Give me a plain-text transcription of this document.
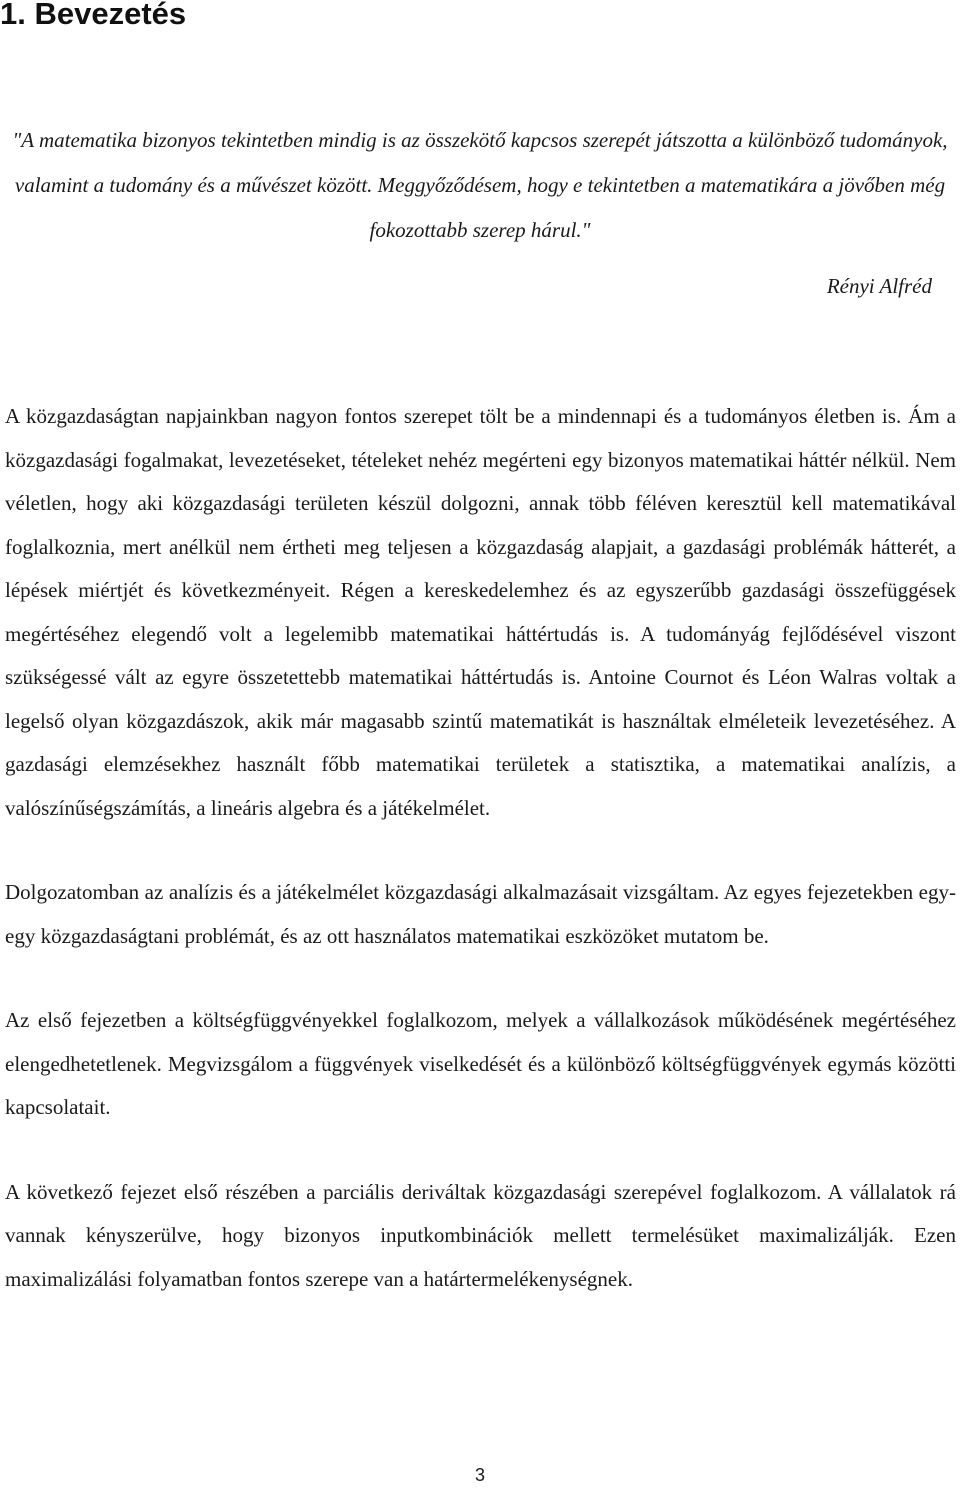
1. Bevezetés

"A matematika bizonyos tekintetben mindig is az összekötő kapcsos szerepét játszotta a különböző tudományok, valamint a tudomány és a művészet között. Meggyőződésem, hogy e tekintetben a matematikára a jövőben még fokozottabb szerep hárul."

Rényi Alfréd

A közgazdaságtan napjainkban nagyon fontos szerepet tölt be a mindennapi és a tudományos életben is. Ám a közgazdasági fogalmakat, levezetéseket, tételeket nehéz megérteni egy bizonyos matematikai háttér nélkül. Nem véletlen, hogy aki közgazdasági területen készül dolgozni, annak több féléven keresztül kell matematikával foglalkoznia, mert anélkül nem értheti meg teljesen a közgazdaság alapjait, a gazdasági problémák hátterét, a lépések miértjét és következményeit. Régen a kereskedelemhez és az egyszerűbb gazdasági összefüggések megértéséhez elegendő volt a legelemibb matematikai háttértudás is. A tudományág fejlődésével viszont szükségessé vált az egyre összetettebb matematikai háttértudás is. Antoine Cournot és Léon Walras voltak a legelső olyan közgazdászok, akik már magasabb szintű matematikát is használtak elméleteik levezetéséhez. A gazdasági elemzésekhez használt főbb matematikai területek a statisztika, a matematikai analízis, a valószínűségszámítás, a lineáris algebra és a játékelmélet.

Dolgozatomban az analízis és a játékelmélet közgazdasági alkalmazásait vizsgáltam. Az egyes fejezetekben egy-egy közgazdaságtani problémát, és az ott használatos matematikai eszközöket mutatom be.

Az első fejezetben a költségfüggvényekkel foglalkozom, melyek a vállalkozások működésének megértéséhez elengedhetetlenek. Megvizsgálom a függvények viselkedését és a különböző költségfüggvények egymás közötti kapcsolatait.

A következő fejezet első részében a parciális deriváltak közgazdasági szerepével foglalkozom. A vállalatok rá vannak kényszerülve, hogy bizonyos inputkombinációk mellett termelésüket maximalizálják. Ezen maximalizálási folyamatban fontos szerepe van a határtermelékenységnek.

3
